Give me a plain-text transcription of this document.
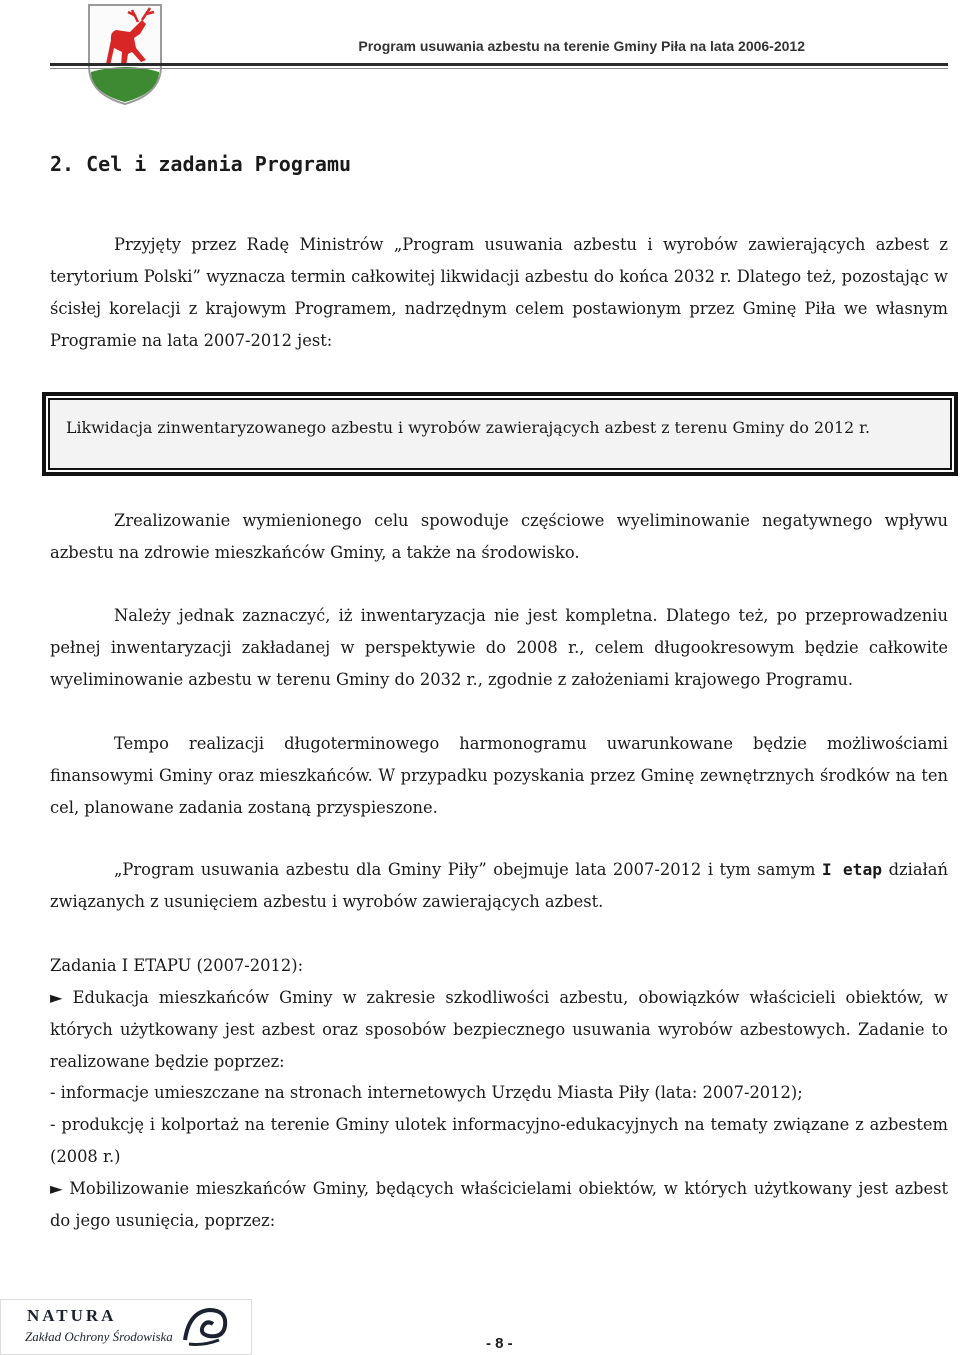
Program usuwania azbestu na terenie Gminy Piła na lata 2006-2012
2. Cel i zadania Programu

Przyjęty przez Radę Ministrów „Program usuwania azbestu i wyrobów zawierających azbest z terytorium Polski” wyznacza termin całkowitej likwidacji azbestu do końca 2032 r. Dlatego też, pozostając w ścisłej korelacji z krajowym Programem, nadrzędnym celem postawionym przez Gminę Piła we własnym Programie na lata 2007-2012 jest:

Likwidacja zinwentaryzowanego azbestu i wyrobów zawierających azbest z terenu Gminy do 2012 r.

Zrealizowanie wymienionego celu spowoduje częściowe wyeliminowanie negatywnego wpływu azbestu na zdrowie mieszkańców Gminy, a także na środowisko.

Należy jednak zaznaczyć, iż inwentaryzacja nie jest kompletna. Dlatego też, po przeprowadzeniu pełnej inwentaryzacji zakładanej w perspektywie do 2008 r., celem długookresowym będzie całkowite wyeliminowanie azbestu w terenu Gminy do 2032 r., zgodnie z założeniami krajowego Programu.

Tempo realizacji długoterminowego harmonogramu uwarunkowane będzie możliwościami finansowymi Gminy oraz mieszkańców. W przypadku pozyskania przez Gminę zewnętrznych środków na ten cel, planowane zadania zostaną przyspieszone.

„Program usuwania azbestu dla Gminy Piły” obejmuje lata 2007-2012 i tym samym I etap działań związanych z usunięciem azbestu i wyrobów zawierających azbest.

Zadania I ETAPU (2007-2012):

► Edukacja mieszkańców Gminy w zakresie szkodliwości azbestu, obowiązków właścicieli obiektów, w których użytkowany jest azbest oraz sposobów bezpiecznego usuwania wyrobów azbestowych. Zadanie to realizowane będzie poprzez:

- informacje umieszczane na stronach internetowych Urzędu Miasta Piły (lata: 2007-2012);

- produkcję i kolportaż na terenie Gminy ulotek informacyjno-edukacyjnych na tematy związane z azbestem (2008 r.)

► Mobilizowanie mieszkańców Gminy, będących właścicielami obiektów, w których użytkowany jest azbest do jego usunięcia, poprzez:

NATURA
Zakład Ochrony Środowiska	- 8 -
